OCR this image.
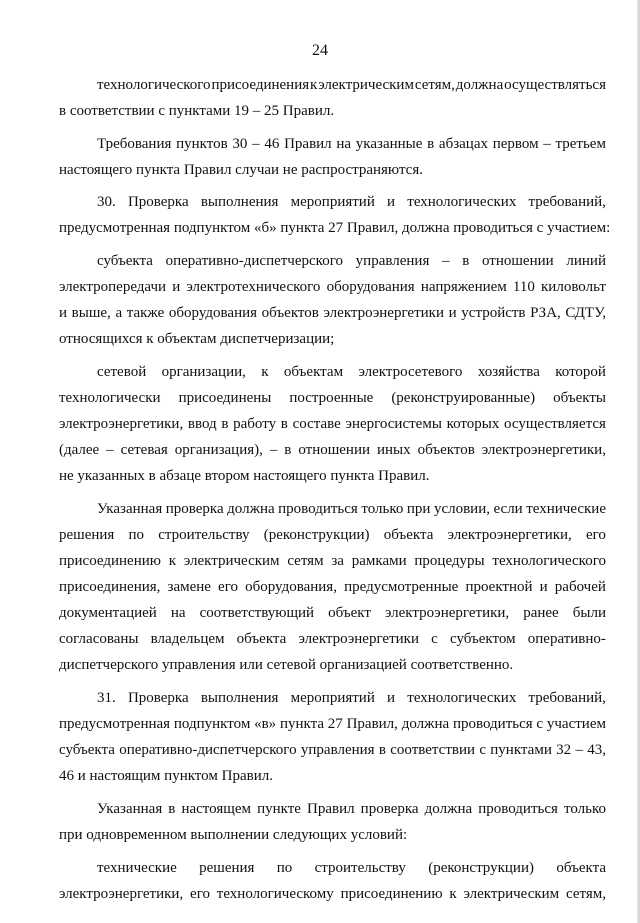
24
технологического присоединения к электрическим сетям, должна осуществляться
в соответствии с пунктами 19 – 25 Правил.
Требования пунктов 30 – 46 Правил на указанные в абзацах первом – третьем
настоящего пункта Правил случаи не распространяются.
30. Проверка выполнения мероприятий и технологических требований,
предусмотренная подпунктом «б» пункта 27 Правил, должна проводиться с участием:
субъекта оперативно-диспетчерского управления – в отношении линий
электропередачи и электротехнического оборудования напряжением 110 киловольт
и выше, а также оборудования объектов электроэнергетики и устройств РЗА, СДТУ,
относящихся к объектам диспетчеризации;
сетевой организации, к объектам электросетевого хозяйства которой
технологически присоединены построенные (реконструированные) объекты
электроэнергетики, ввод в работу в составе энергосистемы которых осуществляется
(далее – сетевая организация), – в отношении иных объектов электроэнергетики,
не указанных в абзаце втором настоящего пункта Правил.
Указанная проверка должна проводиться только при условии, если технические
решения по строительству (реконструкции) объекта электроэнергетики, его
присоединению к электрическим сетям за рамками процедуры технологического
присоединения, замене его оборудования, предусмотренные проектной и рабочей
документацией на соответствующий объект электроэнергетики, ранее были
согласованы владельцем объекта электроэнергетики с субъектом оперативно-
диспетчерского управления или сетевой организацией соответственно.
31. Проверка выполнения мероприятий и технологических требований,
предусмотренная подпунктом «в» пункта 27 Правил, должна проводиться с участием
субъекта оперативно-диспетчерского управления в соответствии с пунктами 32 – 43,
46 и настоящим пунктом Правил.
Указанная в настоящем пункте Правил проверка должна проводиться только
при одновременном выполнении следующих условий:
технические решения по строительству (реконструкции) объекта
электроэнергетики, его технологическому присоединению к электрическим сетям,
